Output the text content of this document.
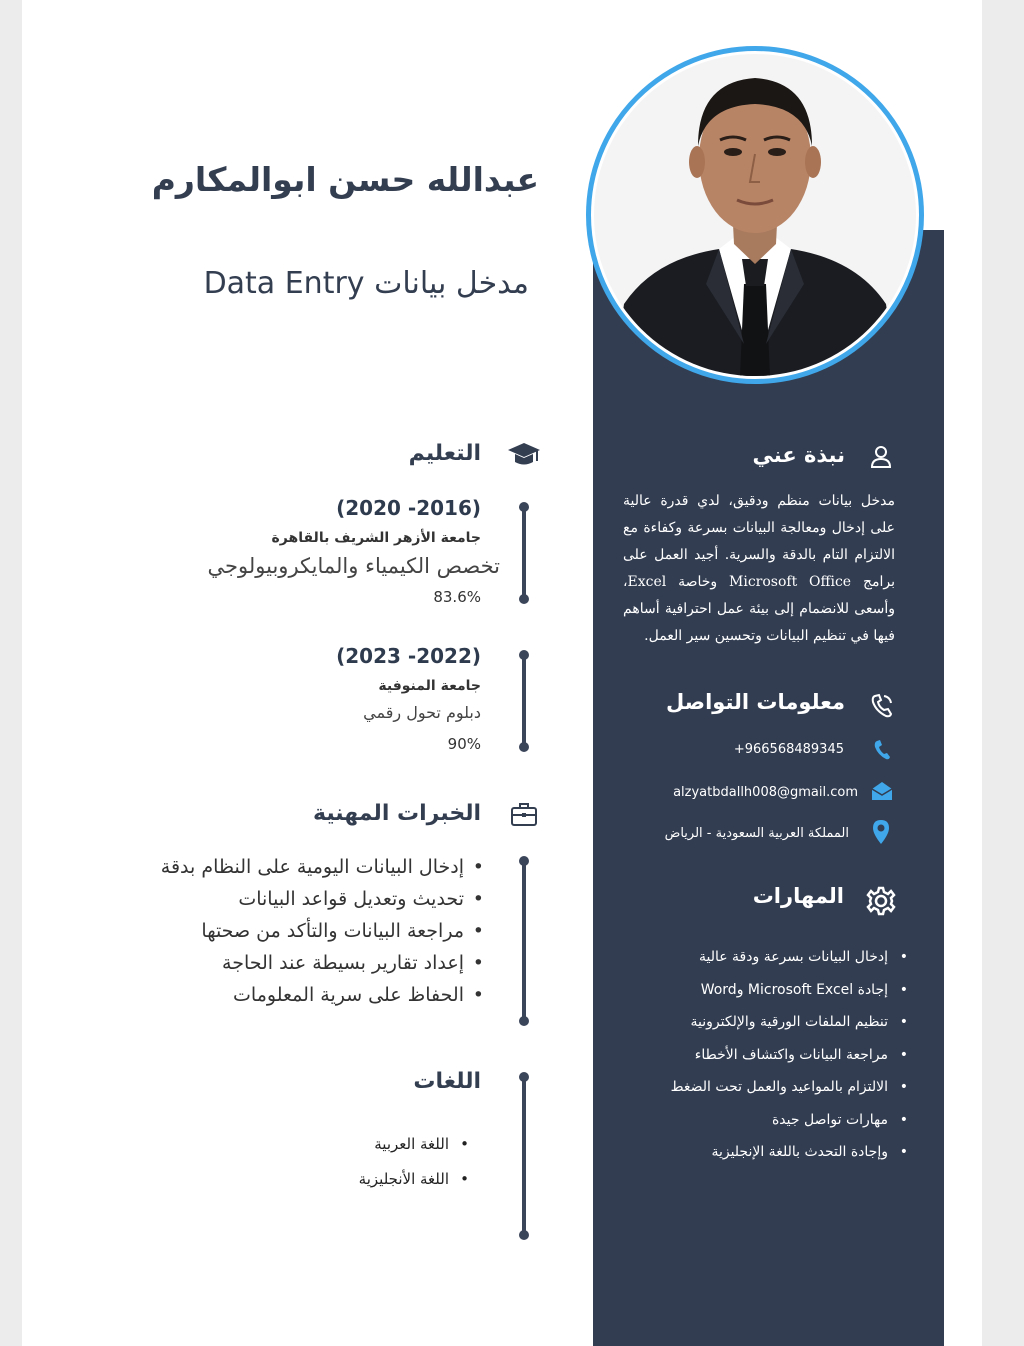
عبدالله حسن ابوالمكارم
مدخل بيانات Data Entry
التعليم
(2020 -2016)
جامعة الأزهر الشريف بالقاهرة
تخصص الكيمياء والمايكروبيولوجي
83.6%
(2023 -2022)
جامعة المنوفية
دبلوم تحول رقمي
90%
الخبرات المهنية
• إدخال البيانات اليومية على النظام بدقة
• تحديث وتعديل قواعد البيانات
• مراجعة البيانات والتأكد من صحتها
• إعداد تقارير بسيطة عند الحاجة
• الحفاظ على سرية المعلومات
اللغات
• اللغة العربية
• اللغة الأنجليزية
نبذة عني
مدخل بيانات منظم ودقيق، لدي قدرة عالية على إدخال ومعالجة البيانات بسرعة وكفاءة مع الالتزام التام بالدقة والسرية. أجيد العمل على برامج Microsoft Office وخاصة Excel، وأسعى للانضمام إلى بيئة عمل احترافية أساهم فيها في تنظيم البيانات وتحسين سير العمل.
معلومات التواصل
+966568489345
alzyatbdallh008@gmail.com
المملكة العربية السعودية - الرياض
المهارات
• إدخال البيانات بسرعة ودقة عالية
• إجادة Microsoft Excel وWord
• تنظيم الملفات الورقية والإلكترونية
• مراجعة البيانات واكتشاف الأخطاء
• الالتزام بالمواعيد والعمل تحت الضغط
• مهارات تواصل جيدة
• وإجادة التحدث باللغة الإنجليزية
